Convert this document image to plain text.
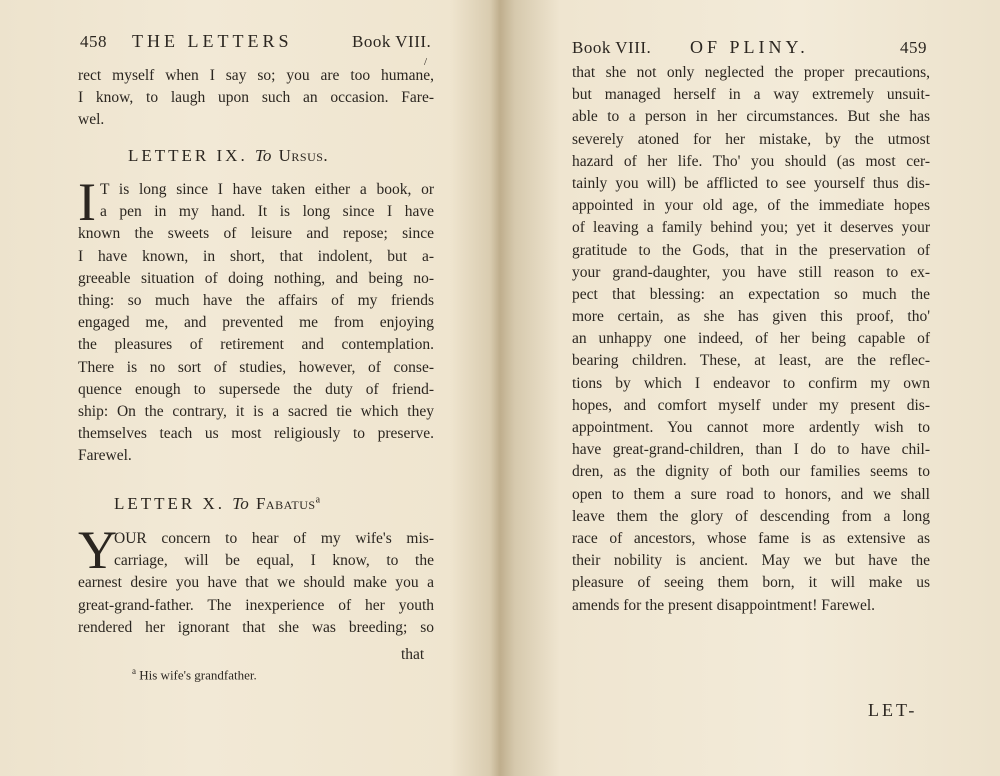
458 THE LETTERS	Book VIII.
/
rect myself when I say so; you are too humane,
I know, to laugh upon such an occasion. Fare-
wel.
LETTER IX. To Ursus.
I T is long since I have taken either a book, or
a pen in my hand. It is long since I have
known the sweets of leisure and repose; since
I have known, in short, that indolent, but a-
greeable situation of doing nothing, and being no-
thing: so much have the affairs of my friends
engaged me, and prevented me from enjoying
the pleasures of retirement and contemplation.
There is no sort of studies, however, of conse-
quence enough to supersede the duty of friend-
ship: On the contrary, it is a sacred tie which they
themselves teach us most religiously to preserve.
Farewel.
LETTER X. To Fabatus$^a$
Y
OUR concern to hear of my wife's mis-
carriage, will be equal, I know, to the
earnest desire you have that we should make you a
great-grand-father. The inexperience of her youth
rendered her ignorant that she was breeding; so
that
$^a$ His wife's grandfather.
Book VIII. OF PLINY.	459
that she not only neglected the proper precautions,
but managed herself in a way extremely unsuit-
able to a person in her circumstances. But she has
severely atoned for her mistake, by the utmost
hazard of her life. Tho' you should (as most cer-
tainly you will) be afflicted to see yourself thus dis-
appointed in your old age, of the immediate hopes
of leaving a family behind you; yet it deserves your
gratitude to the Gods, that in the preservation of
your grand-daughter, you have still reason to ex-
pect that blessing: an expectation so much the
more certain, as she has given this proof, tho'
an unhappy one indeed, of her being capable of
bearing children. These, at least, are the reflec-
tions by which I endeavor to confirm my own
hopes, and comfort myself under my present dis-
appointment. You cannot more ardently wish to
have great-grand-children, than I do to have chil-
dren, as the dignity of both our families seems to
open to them a sure road to honors, and we shall
leave them the glory of descending from a long
race of ancestors, whose fame is as extensive as
their nobility is ancient. May we but have the
pleasure of seeing them born, it will make us
amends for the present disappointment! Farewel.
LET-
